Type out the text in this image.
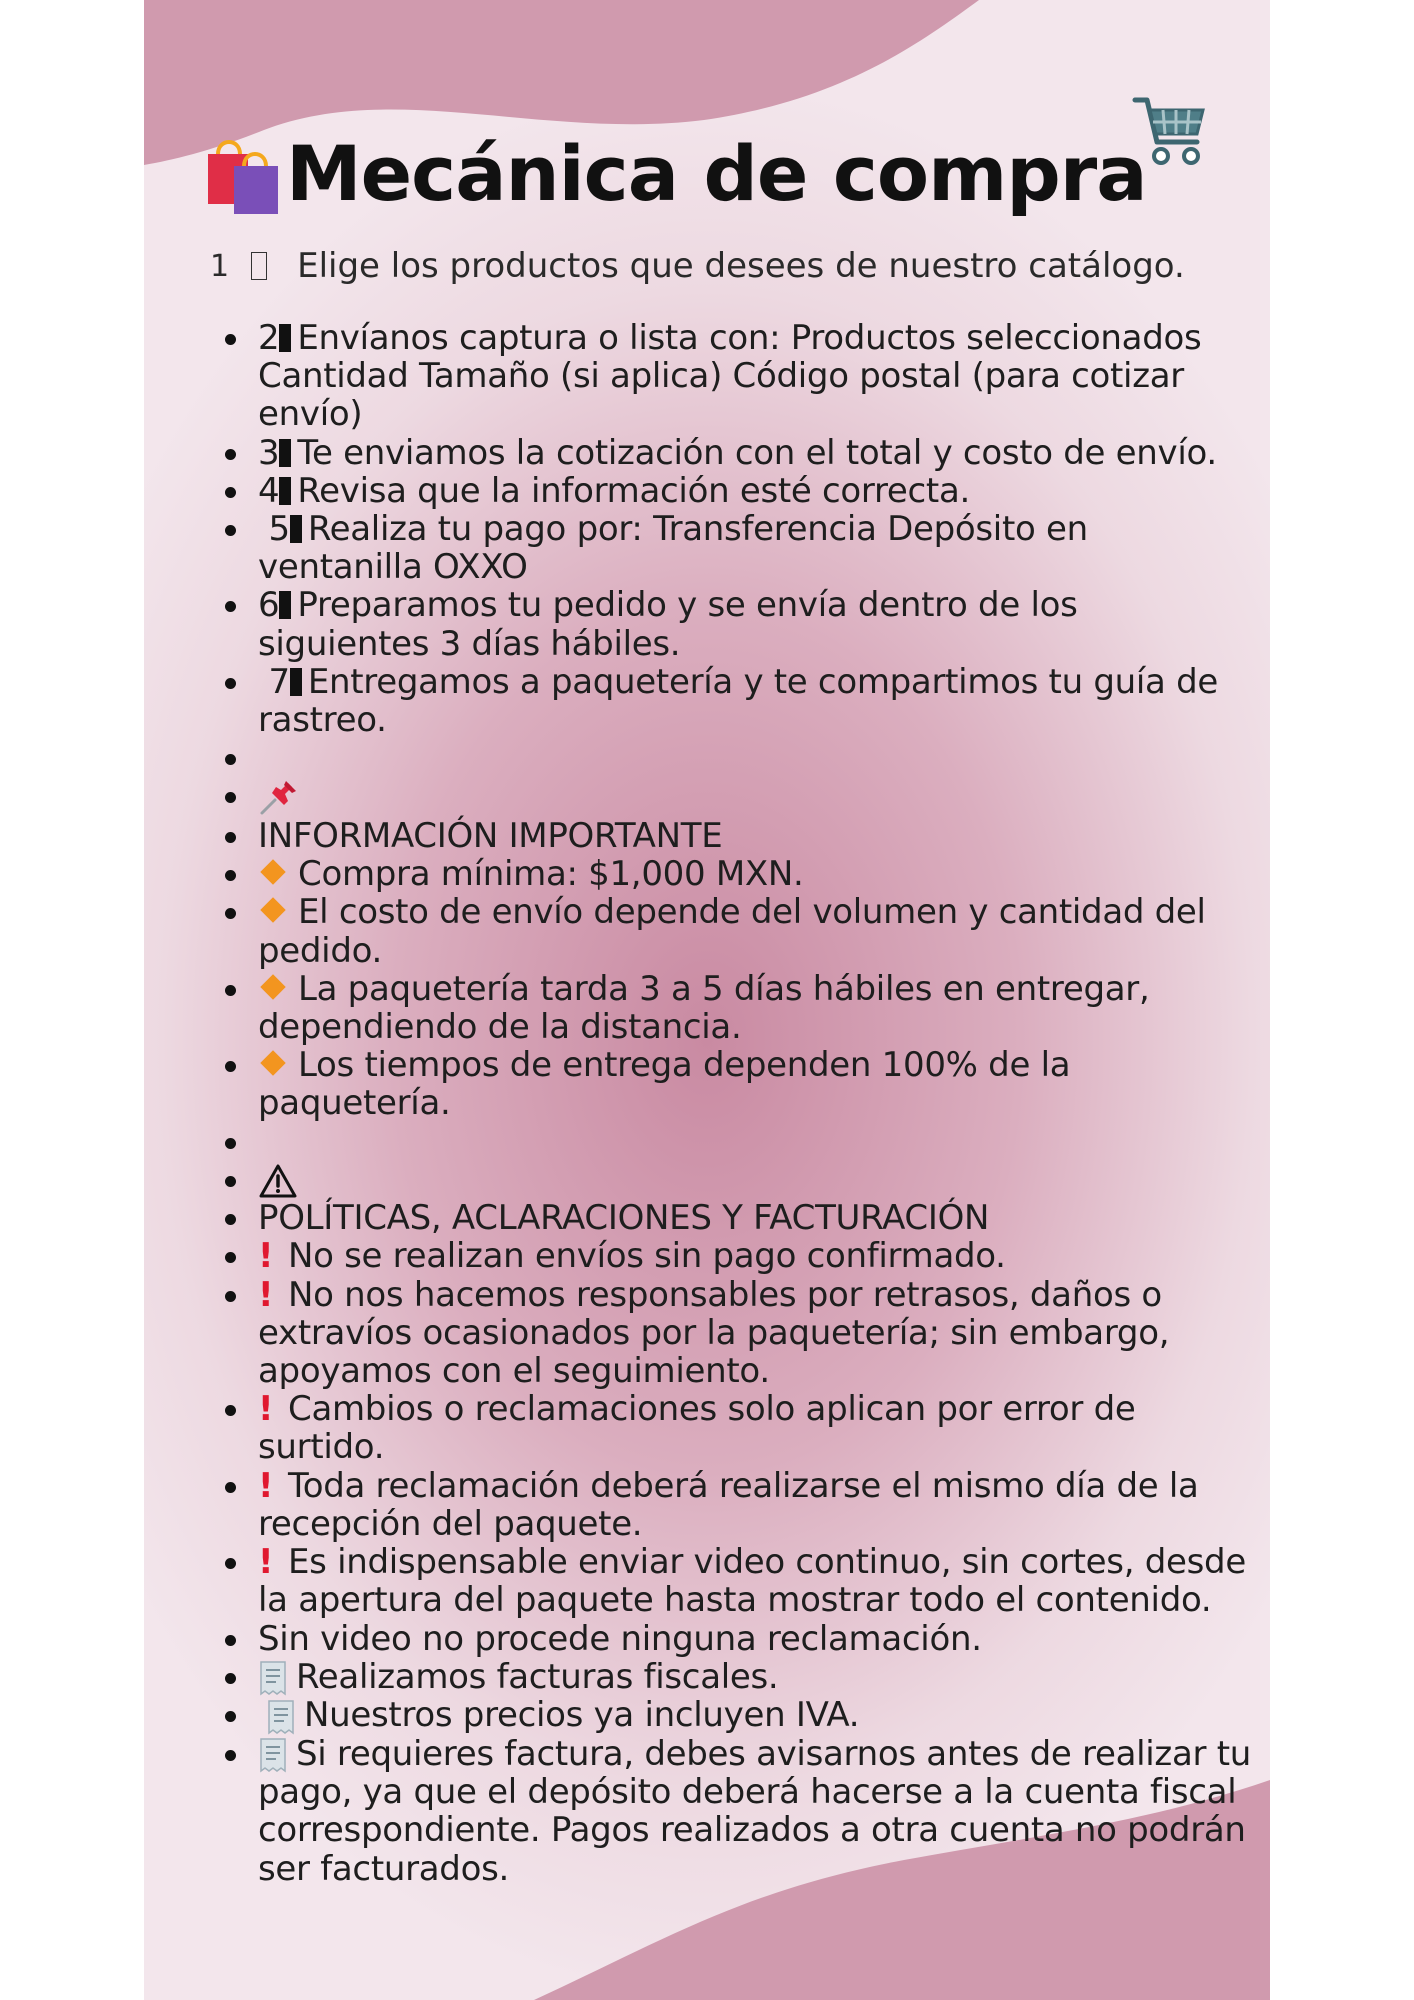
Mecánica de compra
1 Elige los productos que desees de nuestro catálogo.
2 Envíanos captura o lista con: Productos seleccionados Cantidad Tamaño (si aplica) Código postal (para cotizar envío)
3 Te enviamos la cotización con el total y costo de envío.
4 Revisa que la información esté correcta.
5 Realiza tu pago por: Transferencia Depósito en ventanilla OXXO
6 Preparamos tu pedido y se envía dentro de los siguientes 3 días hábiles.
7 Entregamos a paquetería y te compartimos tu guía de rastreo.

INFORMACIÓN IMPORTANTE
Compra mínima: $1,000 MXN.
El costo de envío depende del volumen y cantidad del pedido.
La paquetería tarda 3 a 5 días hábiles en entregar, dependiendo de la distancia.
Los tiempos de entrega dependen 100% de la paquetería.

POLÍTICAS, ACLARACIONES Y FACTURACIÓN
! No se realizan envíos sin pago confirmado.
! No nos hacemos responsables por retrasos, daños o extravíos ocasionados por la paquetería; sin embargo, apoyamos con el seguimiento.
! Cambios o reclamaciones solo aplican por error de surtido.
! Toda reclamación deberá realizarse el mismo día de la recepción del paquete.
! Es indispensable enviar video continuo, sin cortes, desde la apertura del paquete hasta mostrar todo el contenido.
Sin video no procede ninguna reclamación.
Realizamos facturas fiscales.
Nuestros precios ya incluyen IVA.
Si requieres factura, debes avisarnos antes de realizar tu pago, ya que el depósito deberá hacerse a la cuenta fiscal correspondiente. Pagos realizados a otra cuenta no podrán ser facturados.
